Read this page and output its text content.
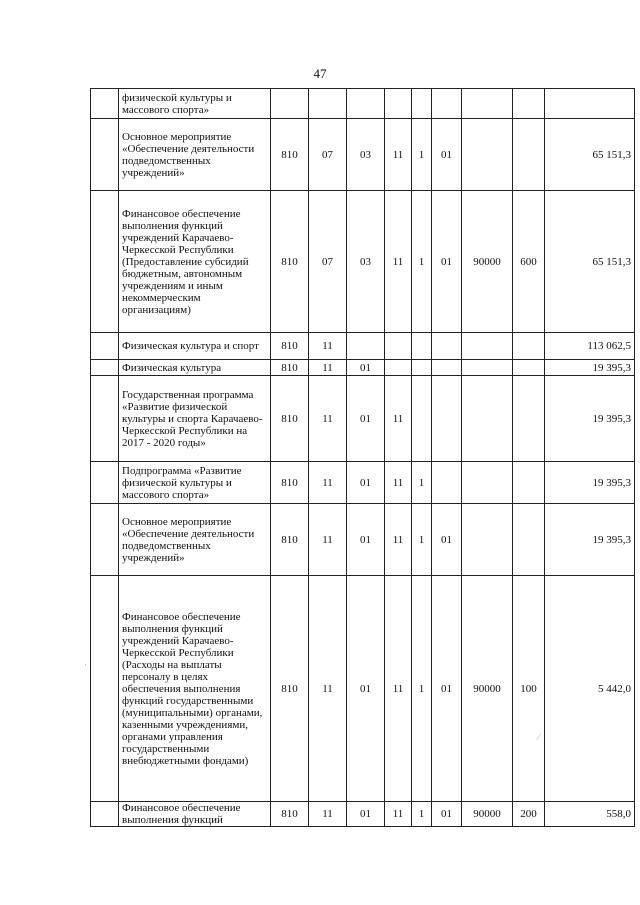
47
	физической культуры и массового спорта»									
	Основное мероприятие «Обеспечение деятельности подведомственных учреждений»	810	07	03	11	1	01			65 151,3
	Финансовое обеспечение выполнения функций учреждений Карачаево-Черкесской Республики (Предоставление субсидий бюджетным, автономным учреждениям и иным некоммерческим организациям)	810	07	03	11	1	01	90000	600	65 151,3
	Физическая культура и спорт	810	11							113 062,5
	Физическая культура	810	11	01						19 395,3
	Государственная программа «Развитие физической культуры и спорта Карачаево-Черкесской Республики на 2017 - 2020 годы»	810	11	01	11					19 395,3
	Подпрограмма «Развитие физической культуры и массового спорта»	810	11	01	11	1				19 395,3
	Основное мероприятие «Обеспечение деятельности подведомственных учреждений»	810	11	01	11	1	01			19 395,3
	Финансовое обеспечение выполнения функций учреждений Карачаево-Черкесской Республики (Расходы на выплаты персоналу в целях обеспечения выполнения функций государственными (муниципальными) органами, казенными учреждениями, органами управления государственными внебюджетными фондами)	810	11	01	11	1	01	90000	100	5 442,0
	Финансовое обеспечение выполнения функций	810	11	01	11	1	01	90000	200	558,0
·
⁄
